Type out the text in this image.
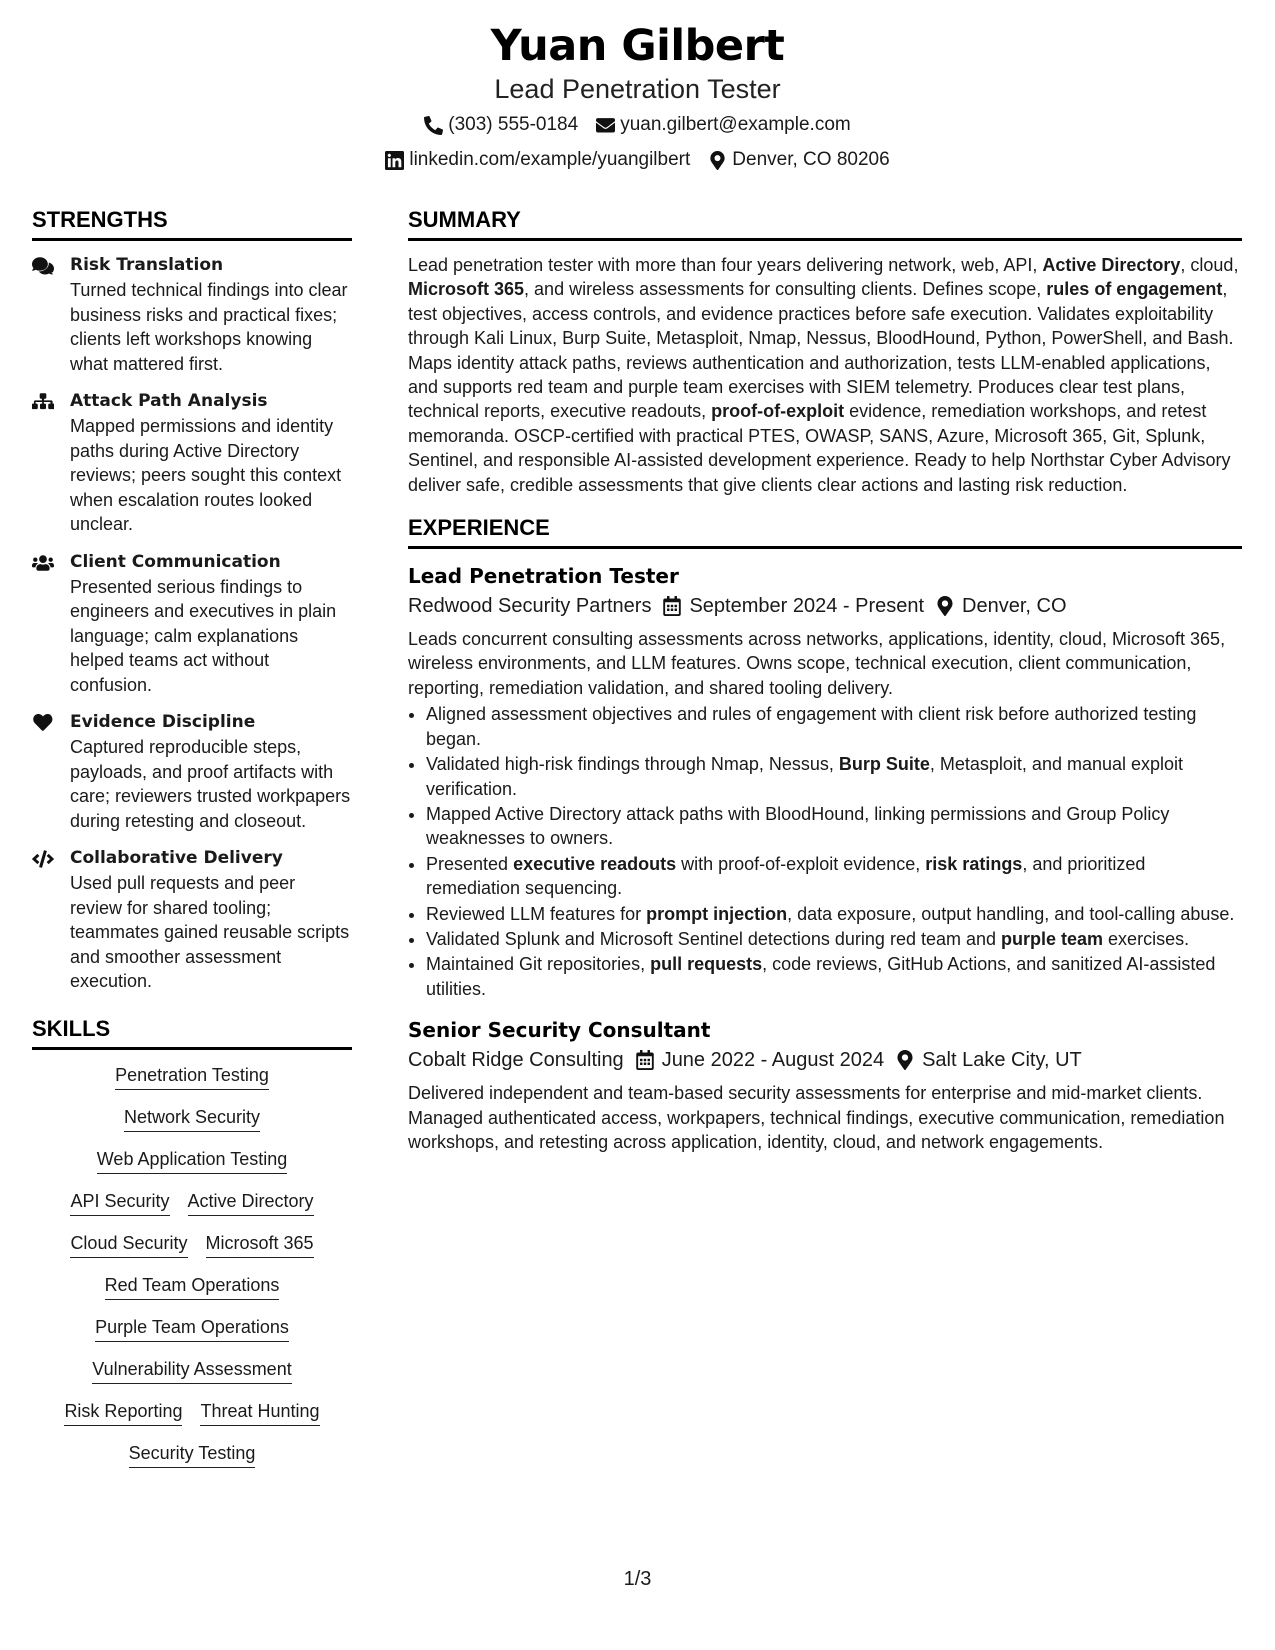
Yuan Gilbert
Lead Penetration Tester
(303) 555-0184 yuan.gilbert@example.com
linkedin.com/example/yuangilbert Denver, CO 80206
STRENGTHS
Risk Translation
Turned technical findings into clear business risks and practical fixes; clients left workshops knowing what mattered first.
Attack Path Analysis
Mapped permissions and identity paths during Active Directory reviews; peers sought this context when escalation routes looked unclear.
Client Communication
Presented serious findings to engineers and executives in plain language; calm explanations helped teams act without confusion.
Evidence Discipline
Captured reproducible steps, payloads, and proof artifacts with care; reviewers trusted workpapers during retesting and closeout.
Collaborative Delivery
Used pull requests and peer review for shared tooling; teammates gained reusable scripts and smoother assessment execution.
SKILLS
Penetration Testing
Network Security
Web Application Testing
API Security Active Directory
Cloud Security Microsoft 365
Red Team Operations
Purple Team Operations
Vulnerability Assessment
Risk Reporting Threat Hunting
Security Testing
SUMMARY
Lead penetration tester with more than four years delivering network, web, API, Active Directory, cloud, Microsoft 365, and wireless assessments for consulting clients. Defines scope, rules of engagement, test objectives, access controls, and evidence practices before safe execution. Validates exploitability through Kali Linux, Burp Suite, Metasploit, Nmap, Nessus, BloodHound, Python, PowerShell, and Bash. Maps identity attack paths, reviews authentication and authorization, tests LLM-enabled applications, and supports red team and purple team exercises with SIEM telemetry. Produces clear test plans, technical reports, executive readouts, proof-of-exploit evidence, remediation workshops, and retest memoranda. OSCP-certified with practical PTES, OWASP, SANS, Azure, Microsoft 365, Git, Splunk, Sentinel, and responsible AI-assisted development experience. Ready to help Northstar Cyber Advisory deliver safe, credible assessments that give clients clear actions and lasting risk reduction.
EXPERIENCE
Lead Penetration Tester
Redwood Security Partners September 2024 - Present Denver, CO
Leads concurrent consulting assessments across networks, applications, identity, cloud, Microsoft 365, wireless environments, and LLM features. Owns scope, technical execution, client communication, reporting, remediation validation, and shared tooling delivery.
• Aligned assessment objectives and rules of engagement with client risk before authorized testing began.
• Validated high-risk findings through Nmap, Nessus, Burp Suite, Metasploit, and manual exploit verification.
• Mapped Active Directory attack paths with BloodHound, linking permissions and Group Policy weaknesses to owners.
• Presented executive readouts with proof-of-exploit evidence, risk ratings, and prioritized remediation sequencing.
• Reviewed LLM features for prompt injection, data exposure, output handling, and tool-calling abuse.
• Validated Splunk and Microsoft Sentinel detections during red team and purple team exercises.
• Maintained Git repositories, pull requests, code reviews, GitHub Actions, and sanitized AI-assisted utilities.
Senior Security Consultant
Cobalt Ridge Consulting June 2022 - August 2024 Salt Lake City, UT
Delivered independent and team-based security assessments for enterprise and mid-market clients. Managed authenticated access, workpapers, technical findings, executive communication, remediation workshops, and retesting across application, identity, cloud, and network engagements.
1/3
